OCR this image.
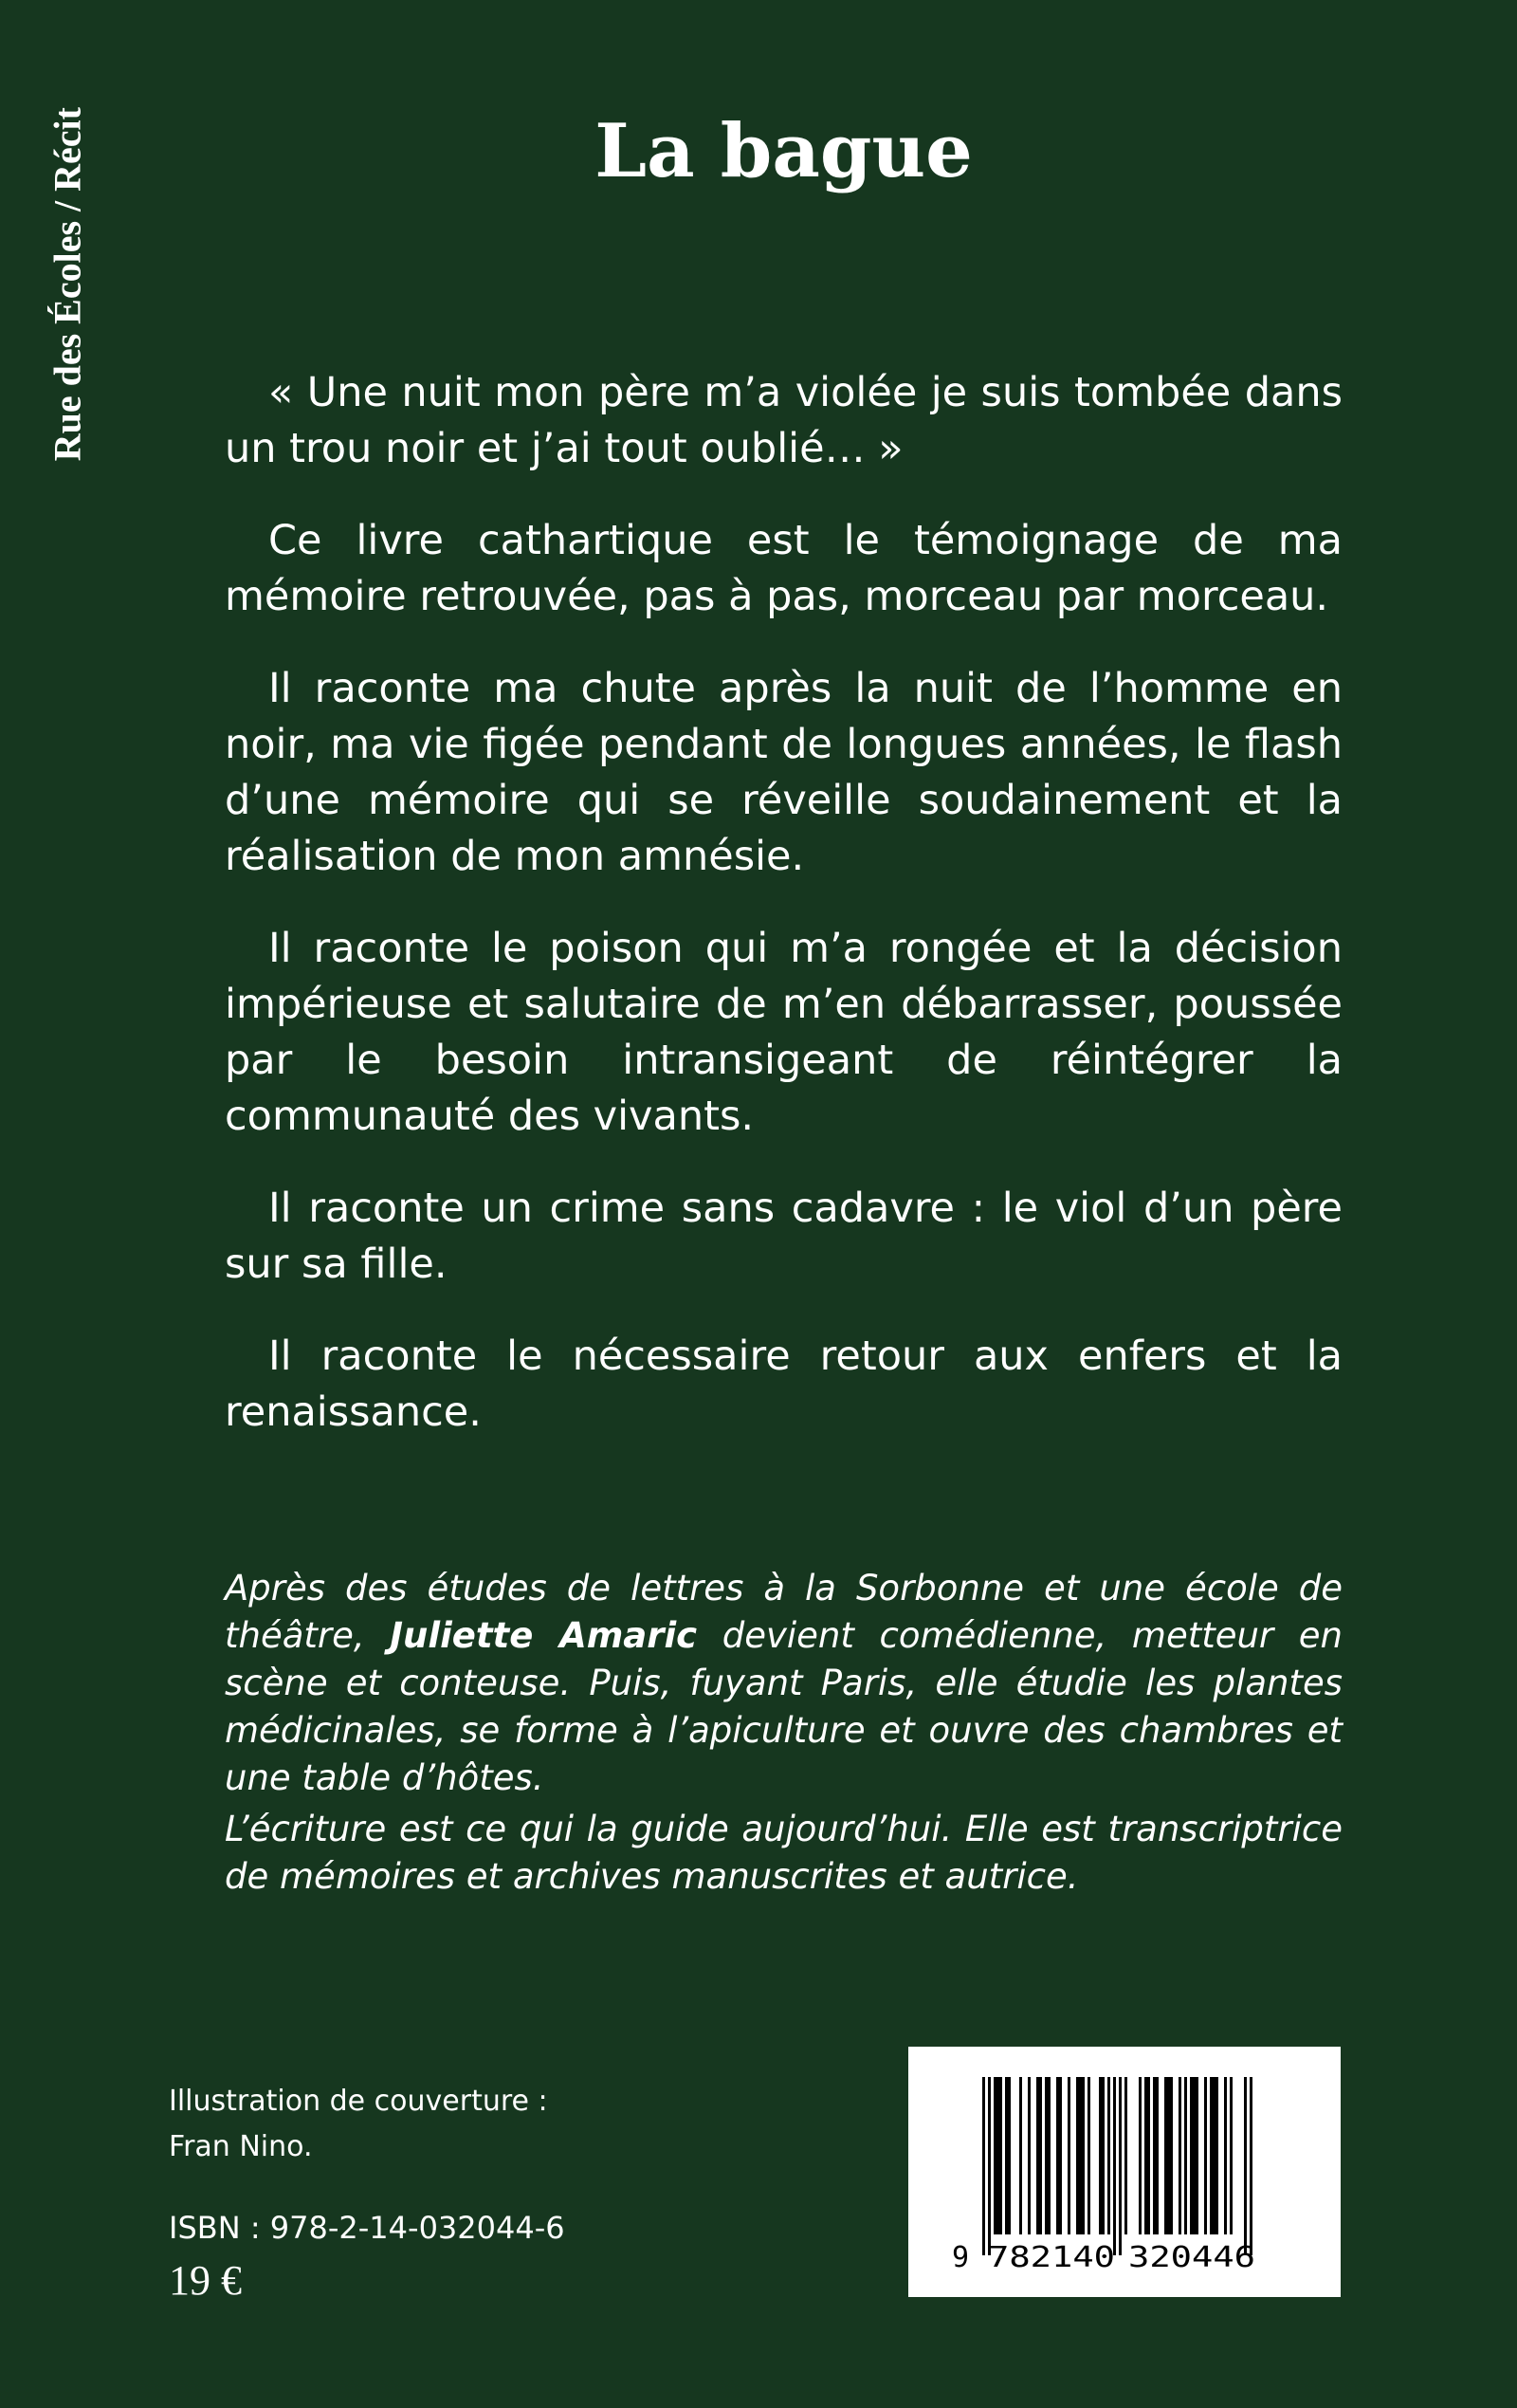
Rue des Écoles / Récit	La bague

« Une nuit mon père m’a violée je suis tombée dans un trou noir et j’ai tout oublié… »

Ce livre cathartique est le témoignage de ma mémoire retrouvée, pas à pas, morceau par morceau.

Il raconte ma chute après la nuit de l’homme en noir, ma vie figée pendant de longues années, le flash d’une mémoire qui se réveille soudainement et la réalisation de mon amnésie.

Il raconte le poison qui m’a rongée et la décision impérieuse et salutaire de m’en débarrasser, poussée par le besoin intransigeant de réintégrer la communauté des vivants.

Il raconte un crime sans cadavre : le viol d’un père sur sa fille.

Il raconte le nécessaire retour aux enfers et la renaissance.

Après des études de lettres à la Sorbonne et une école de théâtre, Juliette Amaric devient comédienne, metteur en scène et conteuse. Puis, fuyant Paris, elle étudie les plantes médicinales, se forme à l’apiculture et ouvre des chambres et une table d’hôtes.

L’écriture est ce qui la guide aujourd’hui. Elle est transcriptrice de mémoires et archives manuscrites et autrice.

Illustration de couverture :
Fran Nino.
ISBN : 978-2-14-032044-6
19 €	9 782140 320446
